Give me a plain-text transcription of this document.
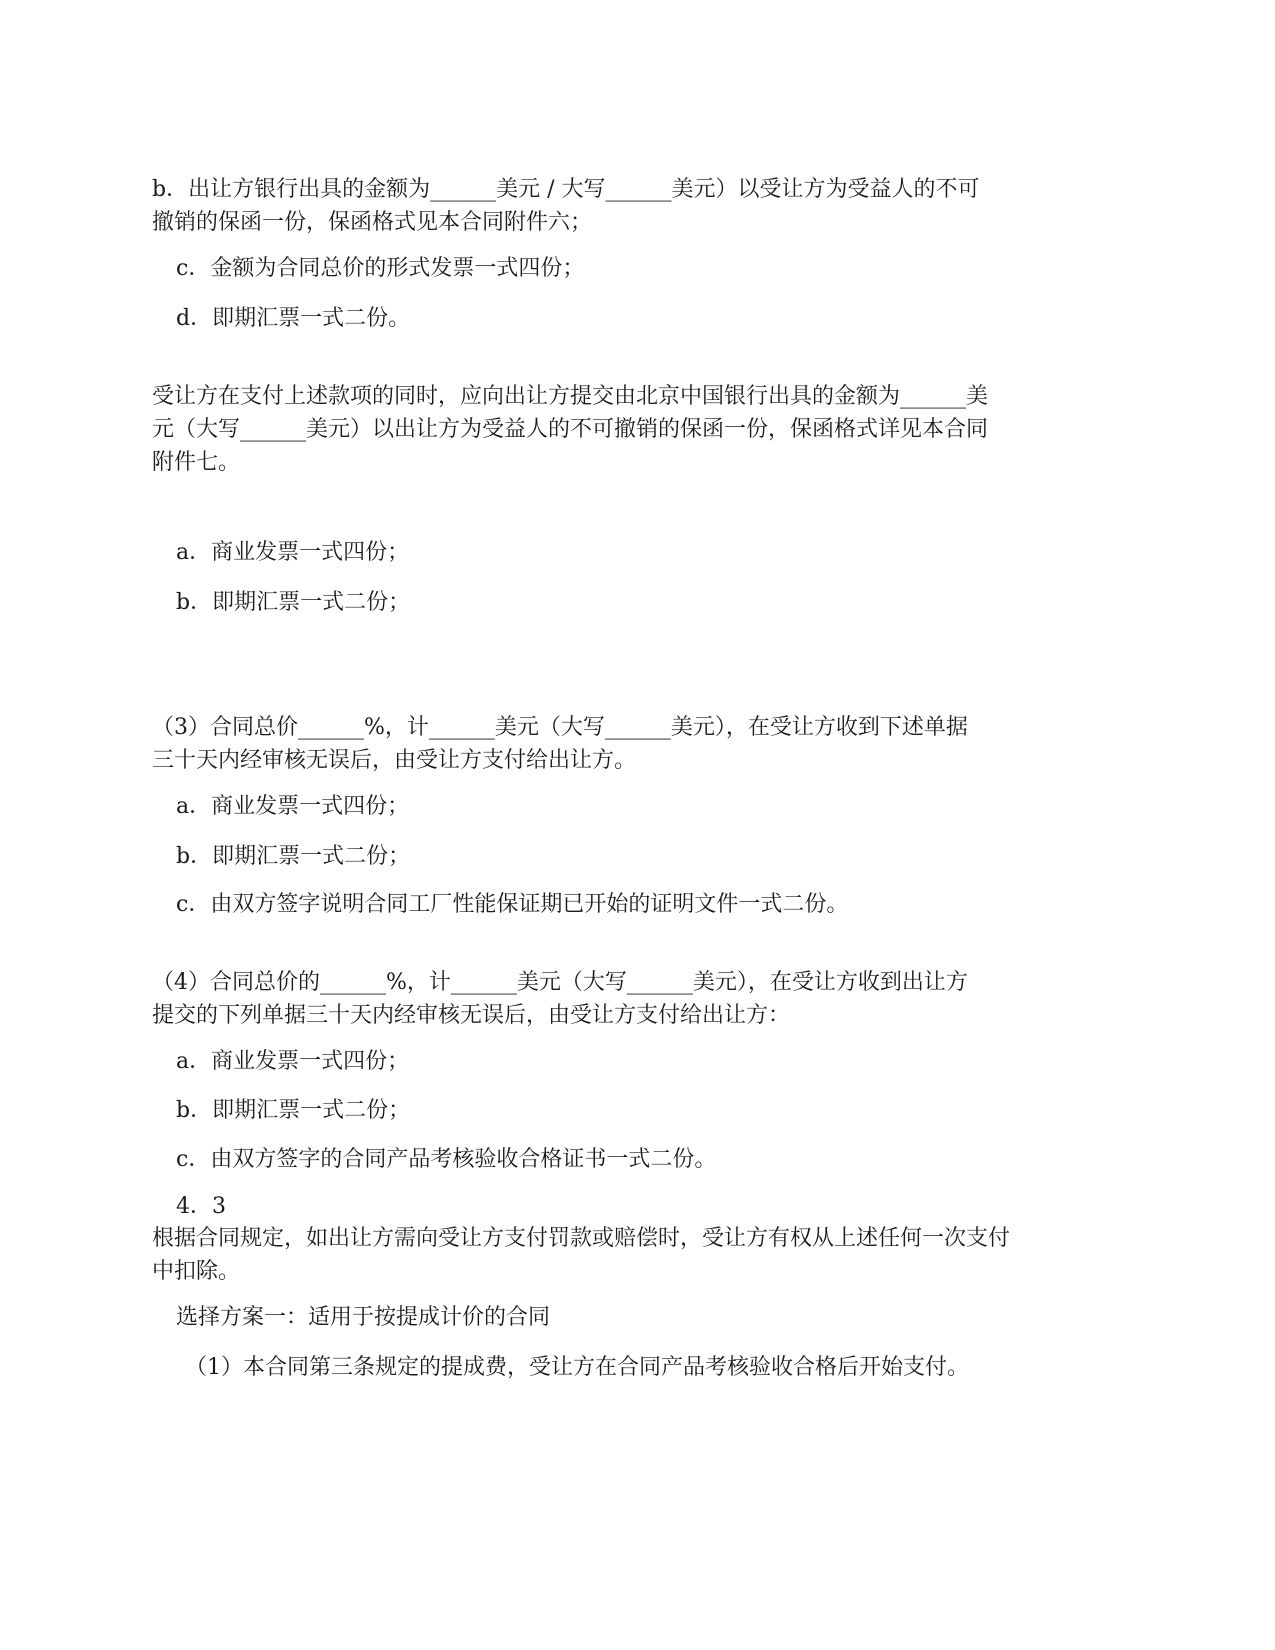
b．出让方银行出具的金额为______美元 / 大写______美元）以受让方为受益人的不可
撤销的保函一份，保函格式见本合同附件六；
c．金额为合同总价的形式发票一式四份；
d．即期汇票一式二份。
受让方在支付上述款项的同时，应向出让方提交由北京中国银行出具的金额为______美
元（大写______美元）以出让方为受益人的不可撤销的保函一份，保函格式详见本合同
附件七。
a．商业发票一式四份；
b．即期汇票一式二份；
（3）合同总价______%，计______美元（大写______美元），在受让方收到下述单据
三十天内经审核无误后，由受让方支付给出让方。
a．商业发票一式四份；
b．即期汇票一式二份；
c．由双方签字说明合同工厂性能保证期已开始的证明文件一式二份。
（4）合同总价的______%，计______美元（大写______美元），在受让方收到出让方
提交的下列单据三十天内经审核无误后，由受让方支付给出让方：
a．商业发票一式四份；
b．即期汇票一式二份；
c．由双方签字的合同产品考核验收合格证书一式二份。
4．3
根据合同规定，如出让方需向受让方支付罚款或赔偿时，受让方有权从上述任何一次支付
中扣除。
选择方案一：适用于按提成计价的合同
（1）本合同第三条规定的提成费，受让方在合同产品考核验收合格后开始支付。
